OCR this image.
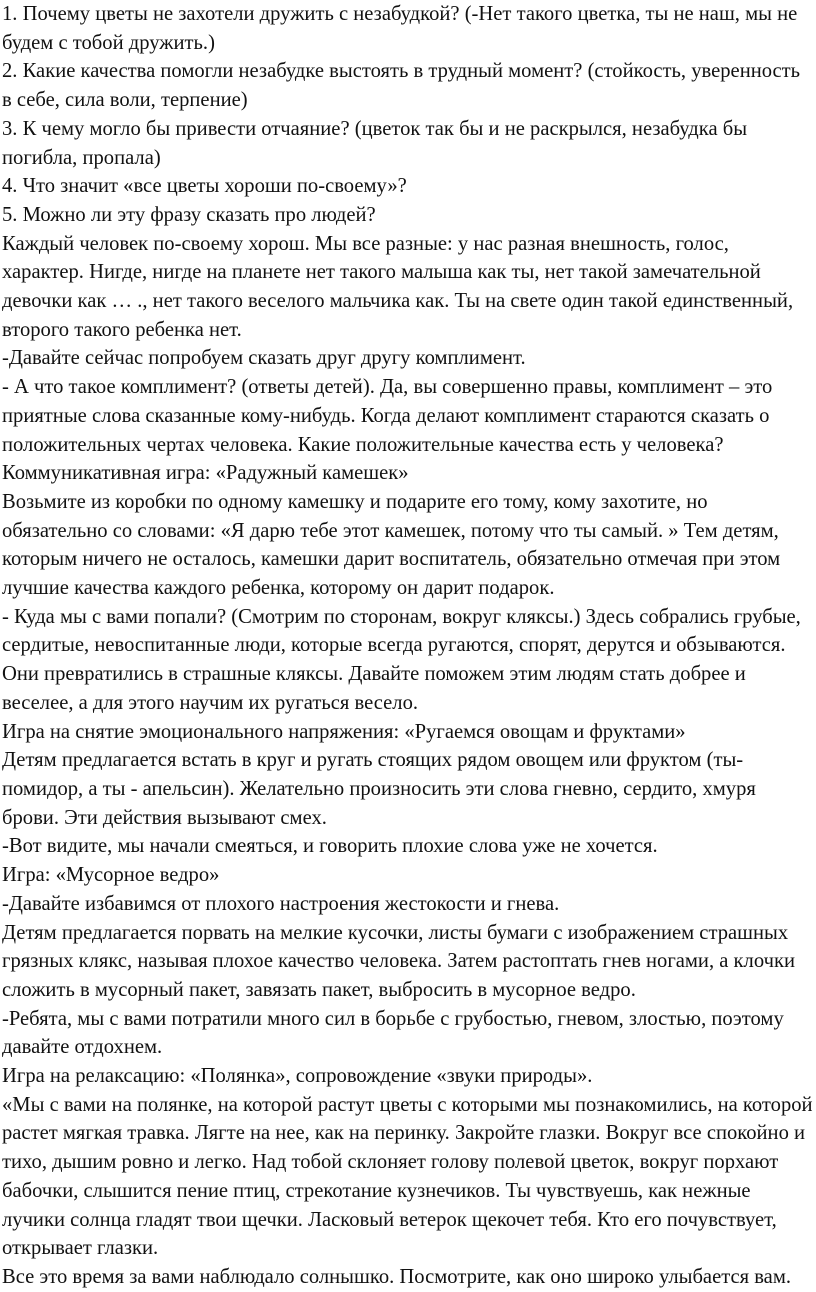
1. Почему цветы не захотели дружить с незабудкой? (-Нет такого цветка, ты не наш, мы не будем с тобой дружить.)

2. Какие качества помогли незабудке выстоять в трудный момент? (стойкость, уверенность в себе, сила воли, терпение)

3. К чему могло бы привести отчаяние? (цветок так бы и не раскрылся, незабудка бы погибла, пропала)

4. Что значит «все цветы хороши по-своему»?

5. Можно ли эту фразу сказать про людей?

Каждый человек по-своему хорош. Мы все разные: у нас разная внешность, голос, характер. Нигде, нигде на планете нет такого малыша как ты, нет такой замечательной девочки как … ., нет такого веселого мальчика как. Ты на свете один такой единственный, второго такого ребенка нет.

-Давайте сейчас попробуем сказать друг другу комплимент.

- А что такое комплимент? (ответы детей). Да, вы совершенно правы, комплимент – это приятные слова сказанные кому-нибудь. Когда делают комплимент стараются сказать о положительных чертах человека. Какие положительные качества есть у человека?

Коммуникативная игра: «Радужный камешек»

Возьмите из коробки по одному камешку и подарите его тому, кому захотите, но обязательно со словами: «Я дарю тебе этот камешек, потому что ты самый. » Тем детям, которым ничего не осталось, камешки дарит воспитатель, обязательно отмечая при этом лучшие качества каждого ребенка, которому он дарит подарок.

- Куда мы с вами попали? (Смотрим по сторонам, вокруг кляксы.) Здесь собрались грубые, сердитые, невоспитанные люди, которые всегда ругаются, спорят, дерутся и обзываются. Они превратились в страшные кляксы. Давайте поможем этим людям стать добрее и веселее, а для этого научим их ругаться весело.

Игра на снятие эмоционального напряжения: «Ругаемся овощам и фруктами»

Детям предлагается встать в круг и ругать стоящих рядом овощем или фруктом (ты-помидор, а ты - апельсин). Желательно произносить эти слова гневно, сердито, хмуря брови. Эти действия вызывают смех.

-Вот видите, мы начали смеяться, и говорить плохие слова уже не хочется.

Игра: «Мусорное ведро»

-Давайте избавимся от плохого настроения жестокости и гнева.

Детям предлагается порвать на мелкие кусочки, листы бумаги с изображением страшных грязных клякс, называя плохое качество человека. Затем растоптать гнев ногами, а клочки сложить в мусорный пакет, завязать пакет, выбросить в мусорное ведро.

-Ребята, мы с вами потратили много сил в борьбе с грубостью, гневом, злостью, поэтому давайте отдохнем.

Игра на релаксацию: «Полянка», сопровождение «звуки природы».

«Мы с вами на полянке, на которой растут цветы с которыми мы познакомились, на которой растет мягкая травка. Лягте на нее, как на перинку. Закройте глазки. Вокруг все спокойно и тихо, дышим ровно и легко. Над тобой склоняет голову полевой цветок, вокруг порхают бабочки, слышится пение птиц, стрекотание кузнечиков. Ты чувствуешь, как нежные лучики солнца гладят твои щечки. Ласковый ветерок щекочет тебя. Кто его почувствует, открывает глазки.

Все это время за вами наблюдало солнышко. Посмотрите, как оно широко улыбается вам.
